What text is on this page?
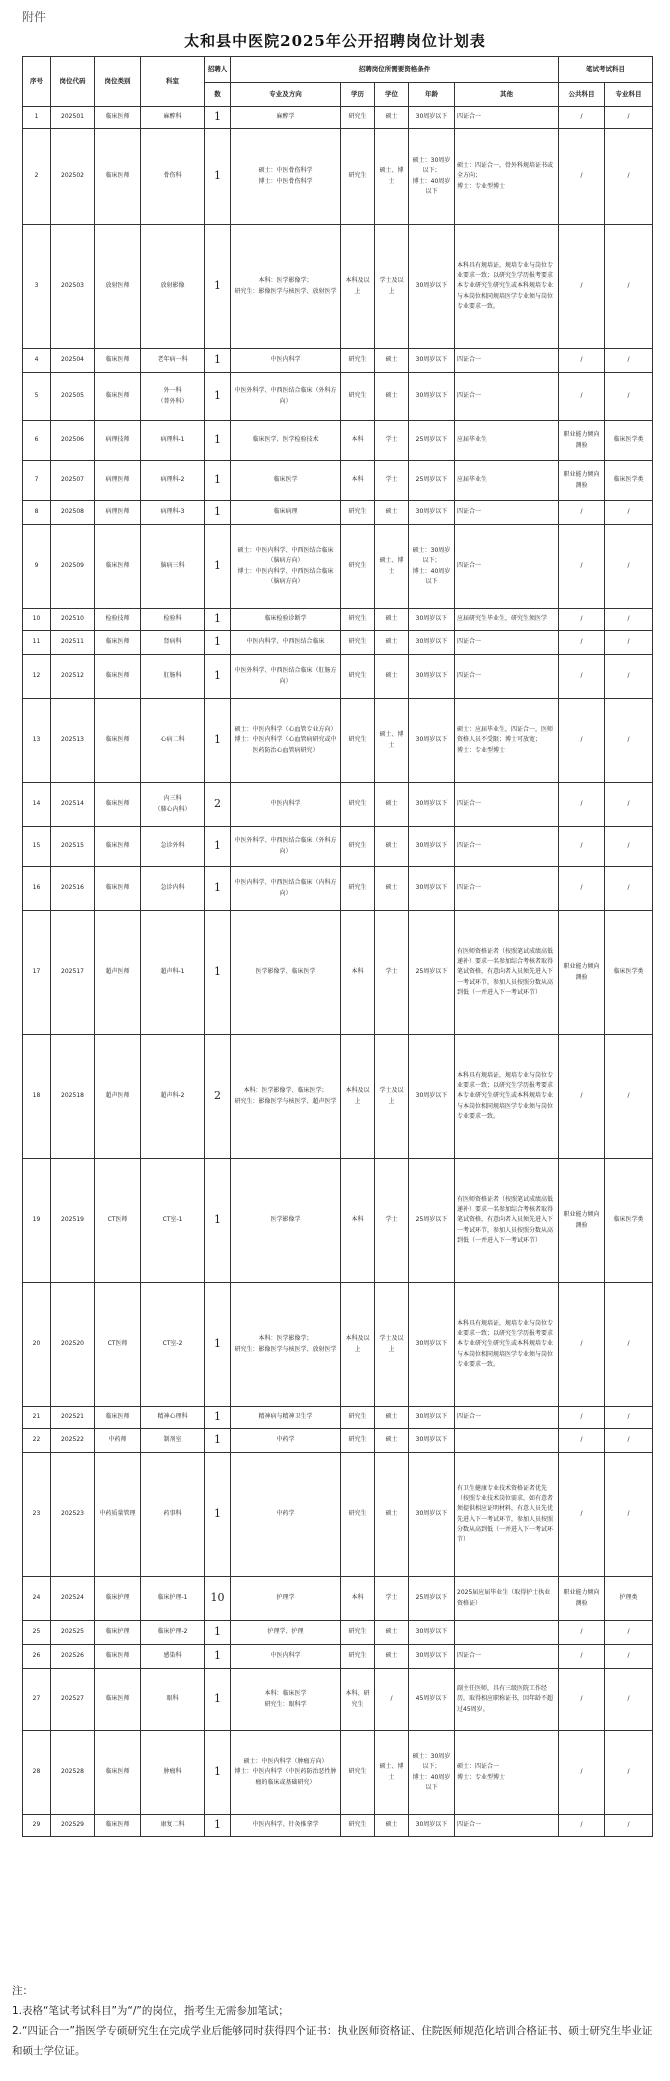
附件
太和县中医院2025年公开招聘岗位计划表
序号	岗位代码	岗位类别	科室	招聘人	招聘岗位所需要资格条件					笔试考试科目	
				数	专业及方向	学历	学位	年龄	其他	公共科目	专业科目
1	202501	临床医师	麻醉科	1	麻醉学	研究生	硕士	30周岁以下	四证合一	/	/
2	202502	临床医师	骨伤科	1	硕士：中医骨伤科学
博士：中医骨伤科学	研究生	硕士、博士	硕士：30周岁以下；
博士：40周岁以下	硕士：四证合一，骨外科规培证书或全方向；
博士：专业型博士	/	/
3	202503	放射医师	放射影像	1	本科：医学影像学；
研究生：影像医学与核医学、放射医学	本科及以上	学士及以上	30周岁以下	本科具有规培证，规培专业与岗位专业要求一致；以研究生学历报考要求本专业研究生研究生或本科规培专业与本岗位相同规培医学专业须与岗位专业要求一致。	/	/
4	202504	临床医师	老年病一科	1	中医内科学	研究生	硕士	30周岁以下	四证合一	/	/
5	202505	临床医师	外一科
（普外科）	1	中医外科学、中西医结合临床（外科方向）	研究生	硕士	30周岁以下	四证合一	/	/
6	202506	病理技师	病理科-1	1	临床医学、医学检验技术	本科	学士	25周岁以下	应届毕业生	职业能力倾向测验	临床医学类
7	202507	病理医师	病理科-2	1	临床医学	本科	学士	25周岁以下	应届毕业生	职业能力倾向测验	临床医学类
8	202508	病理医师	病理科-3	1	临床病理	研究生	硕士	30周岁以下	四证合一	/	/
9	202509	临床医师	脑病三科	1	硕士：中医内科学、中西医结合临床（脑病方向）
博士：中医内科学、中西医结合临床（脑病方向）	研究生	硕士、博士	硕士：30周岁以下；
博士：40周岁以下	四证合一	/	/
10	202510	检验技师	检验科	1	临床检验诊断学	研究生	硕士	30周岁以下	应届研究生毕业生，研究生须医学	/	/
11	202511	临床医师	肾病科	1	中医内科学、中西医结合临床	研究生	硕士	30周岁以下	四证合一	/	/
12	202512	临床医师	肛肠科	1	中医外科学、中西医结合临床（肛肠方向）	研究生	硕士	30周岁以下	四证合一	/	/
13	202513	临床医师	心病二科	1	硕士：中医内科学（心血管专业方向）
博士：中医内科学（心血管病研究或中医药防治心血管病研究）	研究生	硕士、博士	30周岁以下	硕士：应届毕业生，四证合一，医师资格人员不受限；博士可放宽；
博士：专业型博士	/	/
14	202514	临床医师	内三科
（肺心内科）	2	中医内科学	研究生	硕士	30周岁以下	四证合一	/	/
15	202515	临床医师	急诊外科	1	中医外科学、中西医结合临床（外科方向）	研究生	硕士	30周岁以下	四证合一	/	/
16	202516	临床医师	急诊内科	1	中医内科学、中西医结合临床（内科方向）	研究生	硕士	30周岁以下	四证合一	/	/
17	202517	超声医师	超声科-1	1	医学影像学、临床医学	本科	学士	25周岁以下	有医师资格证者（按照笔试成绩高低递补）要求一名参加综合考核者取得笔试资格，有意向者入员须先进入下一考试环节，参加人员按照分数从高到低（一并进入下一考试环节）	职业能力倾向测验	临床医学类
18	202518	超声医师	超声科-2	2	本科：医学影像学、临床医学；
研究生：影像医学与核医学、超声医学	本科及以上	学士及以上	30周岁以下	本科具有规培证，规培专业与岗位专业要求一致；以研究生学历报考要求本专业研究生研究生或本科规培专业与本岗位相同规培医学专业须与岗位专业要求一致。	/	/
19	202519	CT医师	CT室-1	1	医学影像学	本科	学士	25周岁以下	有医师资格证者（按照笔试成绩高低递补）要求一名参加综合考核者取得笔试资格，有意向者入员须先进入下一考试环节，参加人员按照分数从高到低（一并进入下一考试环节）	职业能力倾向测验	临床医学类
20	202520	CT医师	CT室-2	1	本科：医学影像学；
研究生：影像医学与核医学、放射医学	本科及以上	学士及以上	30周岁以下	本科具有规培证，规培专业与岗位专业要求一致；以研究生学历报考要求本专业研究生研究生或本科规培专业与本岗位相同规培医学专业须与岗位专业要求一致。	/	/
21	202521	临床医师	精神心理科	1	精神病与精神卫生学	研究生	硕士	30周岁以下	四证合一	/	/
22	202522	中药师	制剂室	1	中药学	研究生	硕士	30周岁以下		/	/
23	202523	中药质量管理	药事科	1	中药学	研究生	硕士	30周岁以下	有卫生健康专业技术资格证者优先（按照专业技术岗位需求，如有意者须提供相应证明材料，有意人员先优先进入下一考试环节，参加人员按照分数从高到低（一并进入下一考试环节）	/	/
24	202524	临床护理	临床护理-1	10	护理学	本科	学士	25周岁以下	2025届应届毕业生（取得护士执业资格证）	职业能力倾向测验	护理类
25	202525	临床护理	临床护理-2	1	护理学、护理	研究生	硕士	30周岁以下		/	/
26	202526	临床医师	感染科	1	中医内科学	研究生	硕士	30周岁以下	四证合一	/	/
27	202527	临床医师	眼科	1	本科：临床医学
研究生：眼科学	本科、研究生	/	45周岁以下	副主任医师，具有三级医院工作经历，取得相应职称证书，因年龄不超过45周岁。	/	/
28	202528	临床医师	肿瘤科	1	硕士：中医内科学（肿瘤方向）
博士：中医内科学（中医药防治恶性肿瘤的临床或基础研究）	研究生	硕士、博士	硕士：30周岁以下；
博士：40周岁以下	硕士：四证合一
博士：专业型博士	/	/
29	202529	临床医师	康复二科	1	中医内科学、针灸推拿学	研究生	硕士	30周岁以下	四证合一	/	/
注：
1.表格“笔试考试科目”为“/”的岗位，指考生无需参加笔试；
2.“四证合一”指医学专硕研究生在完成学业后能够同时获得四个证书：执业医师资格证、住院医师规范化培训合格证书、硕士研究生毕业证和硕士学位证。
